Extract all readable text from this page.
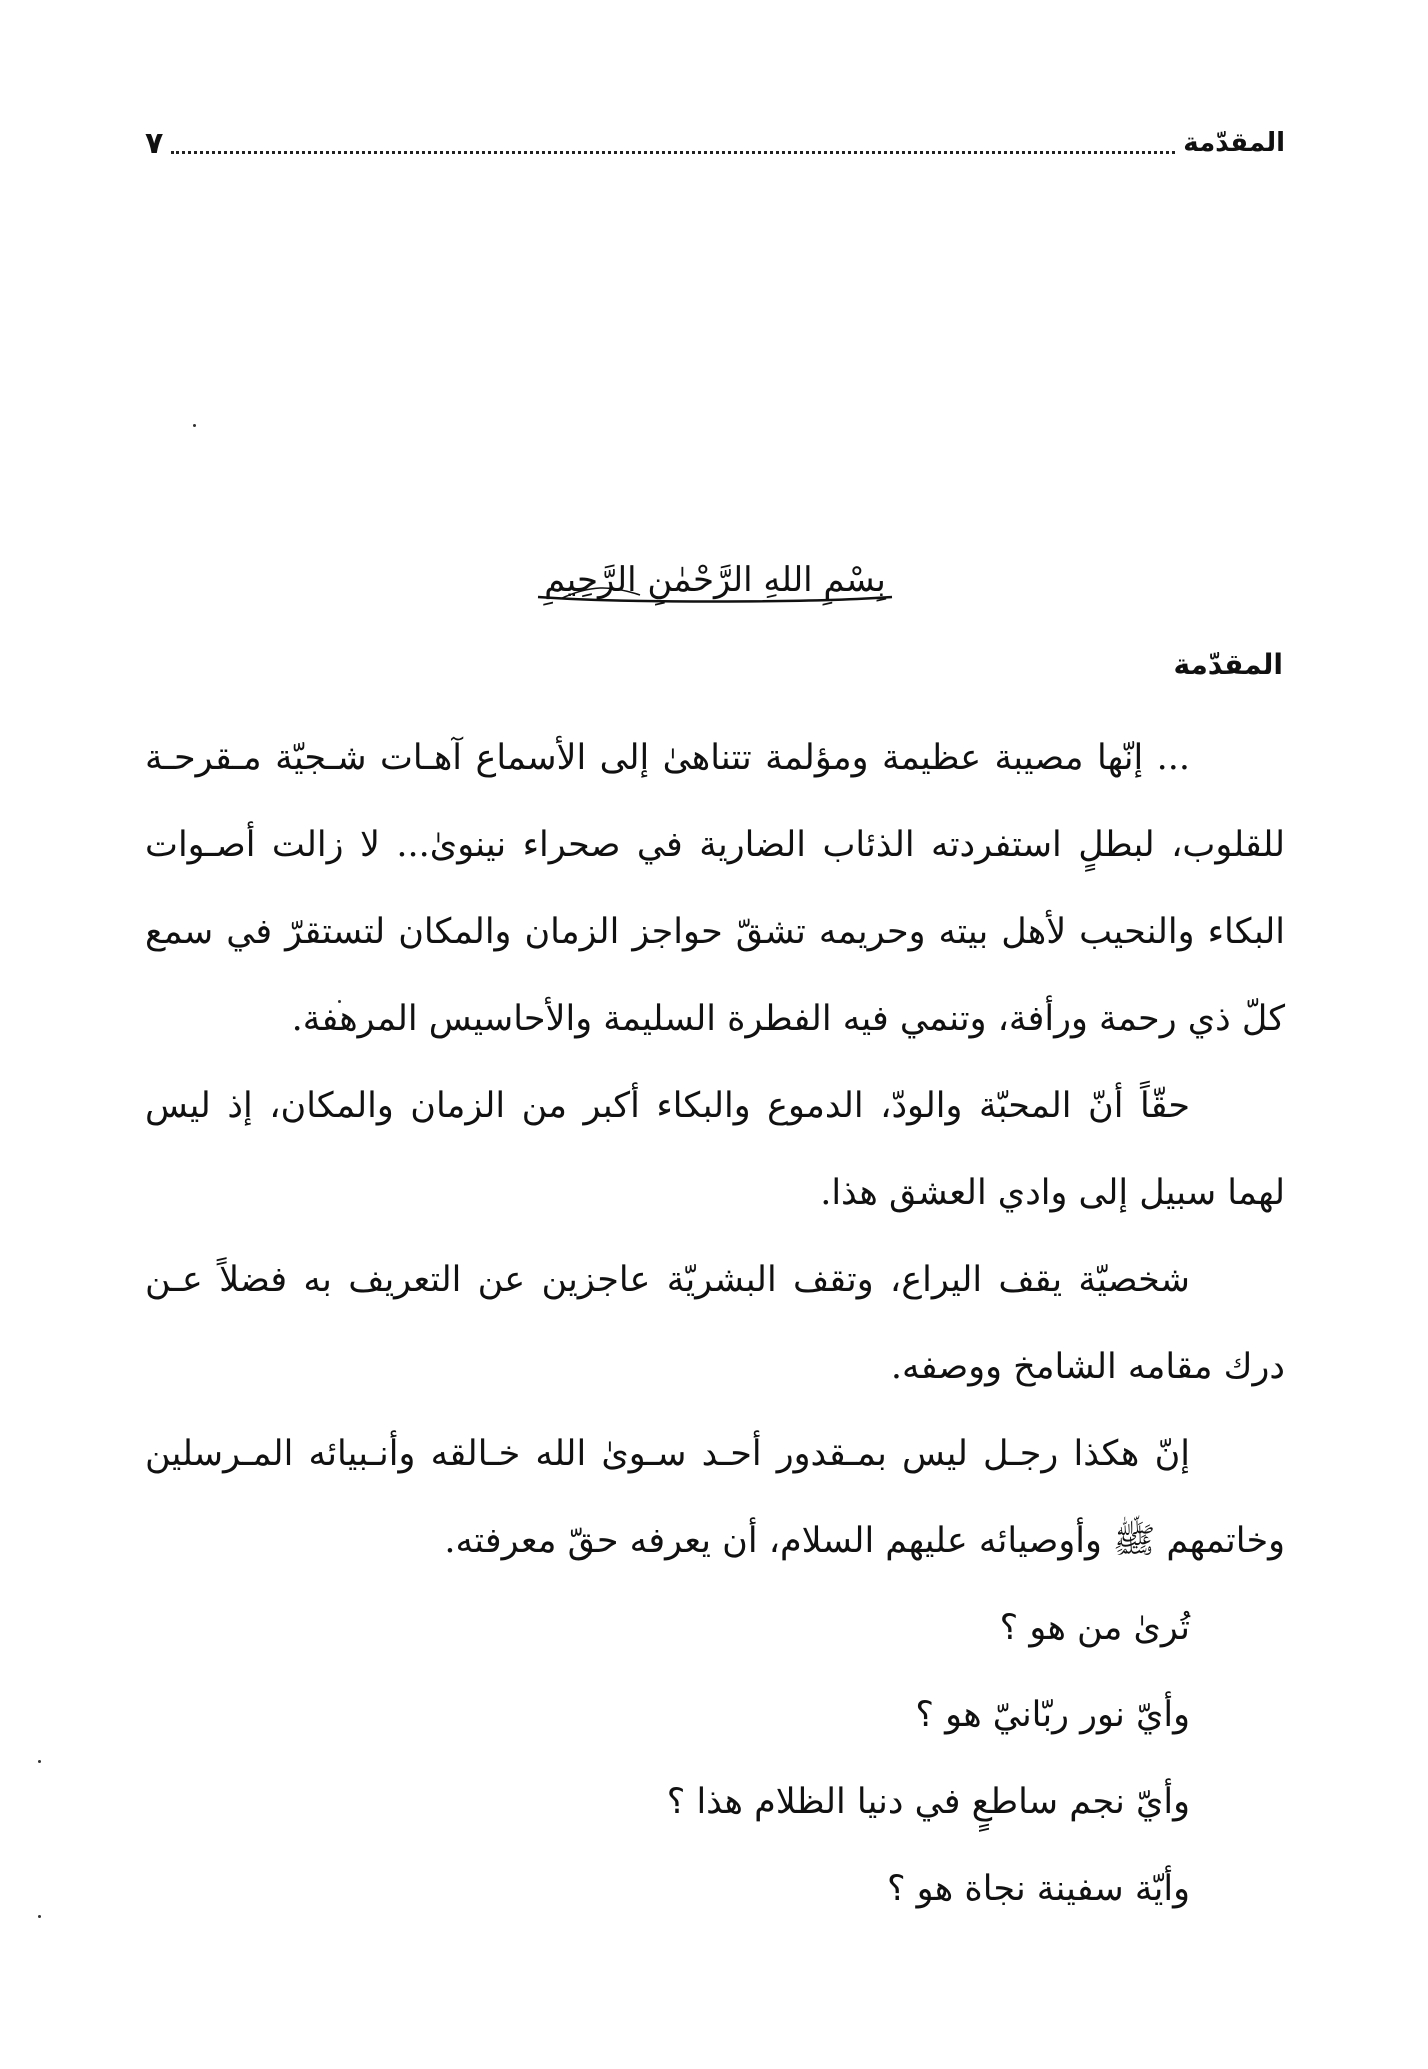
المقدّمة
٧
بِسْمِ اللهِ الرَّحْمٰنِ الرَّحِيمِ
المقدّمة

... إنّها مصيبة عظيمة ومؤلمة تتناهىٰ إلى الأسماع آهـات شـجيّة مـقرحـة للقلوب، لبطلٍ استفردته الذئاب الضارية في صحراء نينوىٰ... لا زالت أصـوات البكاء والنحيب لأهل بيته وحريمه تشقّ حواجز الزمان والمكان لتستقرّ في سمع كلّ ذي رحمة ورأفة، وتنمي فيه الفطرة السليمة والأحاسيس المرهفة.

حقّاً أنّ المحبّة والودّ، الدموع والبكاء أكبر من الزمان والمكان، إذ ليس لهما سبيل إلى وادي العشق هذا.

شخصيّة يقف اليراع، وتقف البشريّة عاجزين عن التعريف به فضلاً عـن درك مقامه الشامخ ووصفه.

إنّ هكذا رجـل ليس بمـقدور أحـد سـوىٰ الله خـالقه وأنـبيائه المـرسلين وخاتمهم ﷺ وأوصيائه عليهم السلام، أن يعرفه حقّ معرفته.

تُرىٰ من هو ؟

وأيّ نور ربّانيّ هو ؟

وأيّ نجم ساطعٍ في دنيا الظلام هذا ؟

وأيّة سفينة نجاة هو ؟
